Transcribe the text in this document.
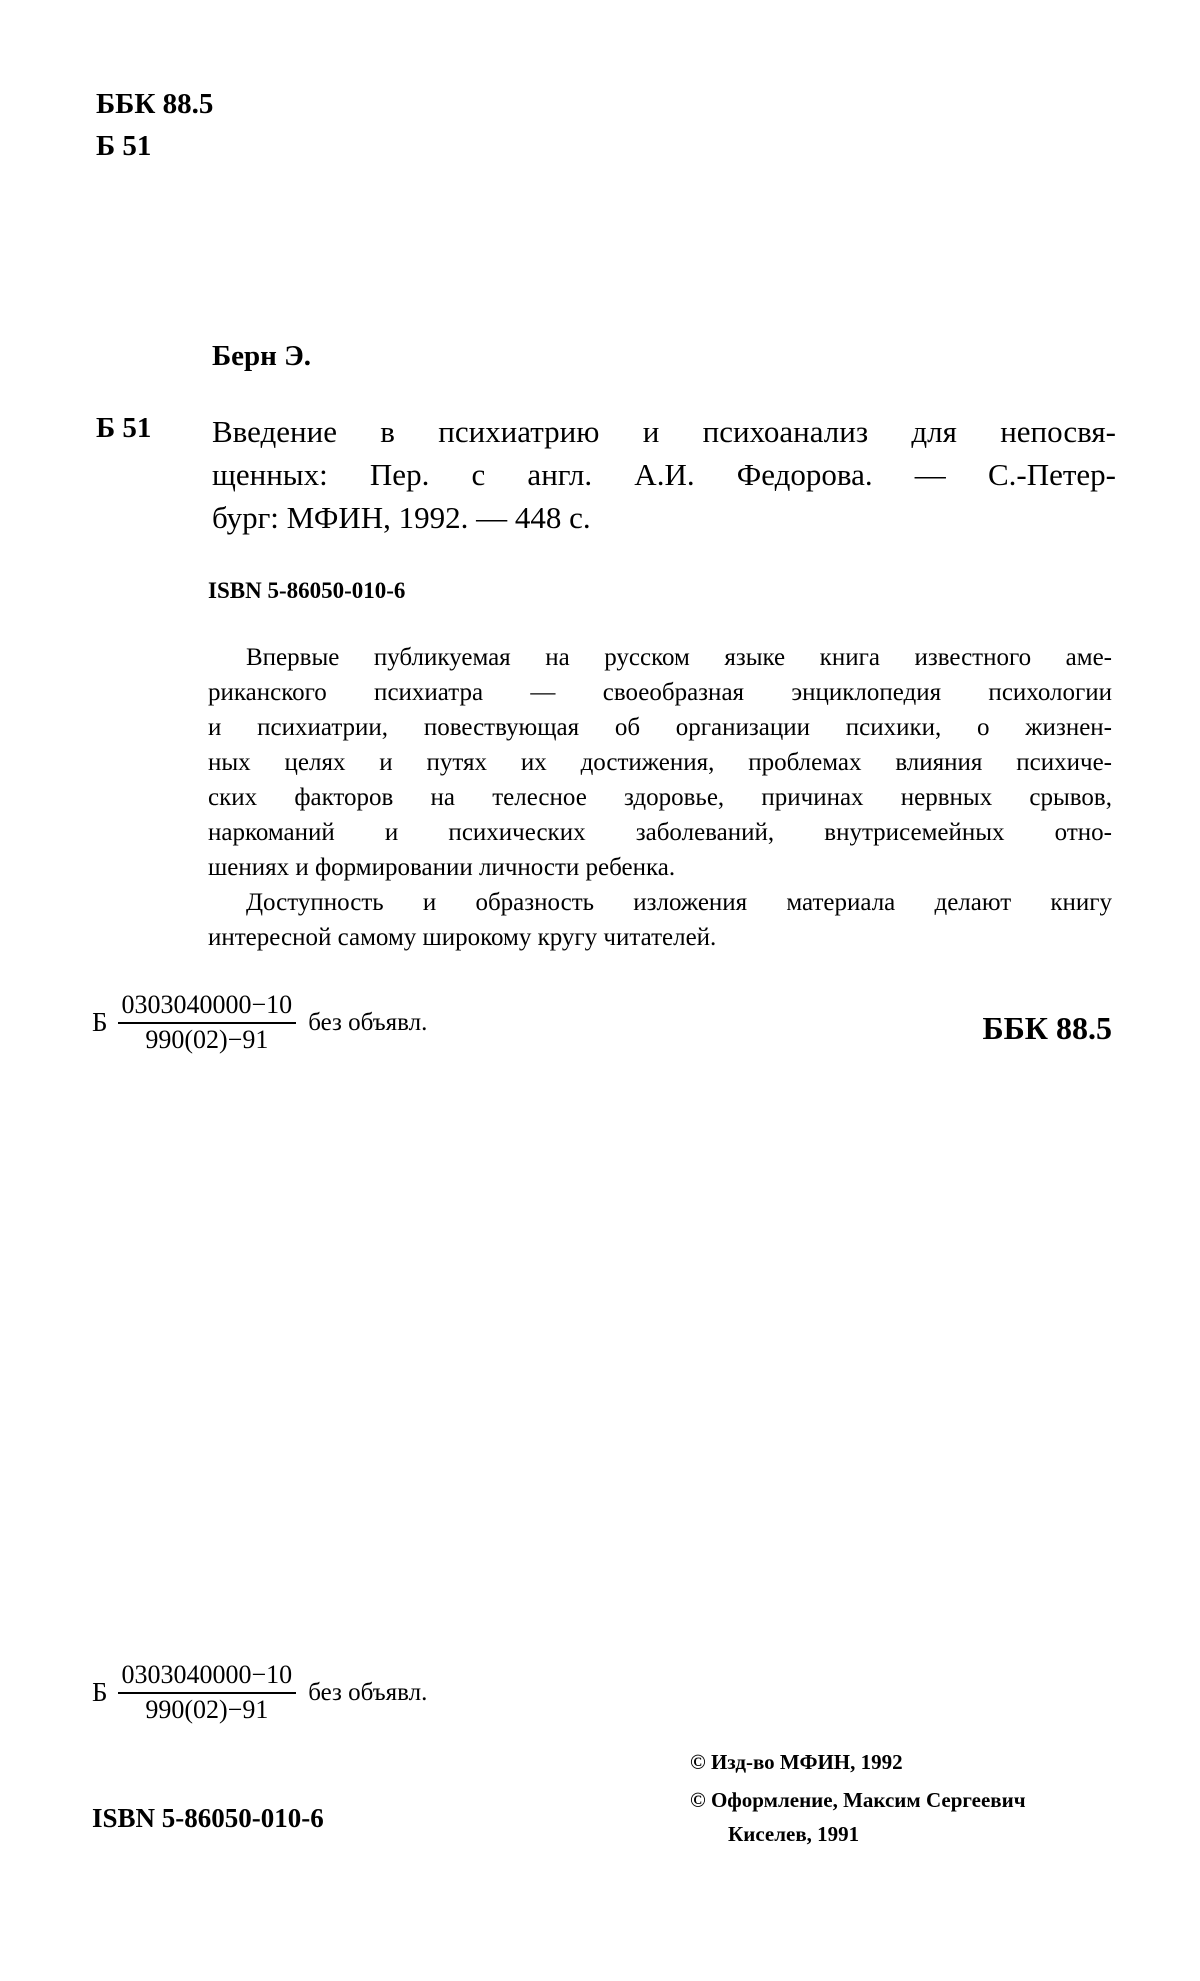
ББК 88.5
Б 51
Берн Э.
Б 51 Введение в психиатрию и психоанализ для непосвя-
щенных: Пер. с англ. А.И. Федорова. — С.-Петер-
бург: МФИН, 1992. — 448 с.
ISBN 5-86050-010-6
Впервые публикуемая на русском языке книга известного аме-
риканского психиатра — своеобразная энциклопедия психологии
и психиатрии, повествующая об организации психики, о жизнен-
ных целях и путях их достижения, проблемах влияния психиче-
ских факторов на телесное здоровье, причинах нервных срывов,
наркоманий и психических заболеваний, внутрисемейных отно-
шениях и формировании личности ребенка.
Доступность и образность изложения материала делают книгу
интересной самому широкому кругу читателей.
Б $\frac{0303040000-10}{990(02)-91}$ без объявл.	ББК 88.5
Б $\frac{0303040000-10}{990(02)-91}$ без объявл.
© Изд-во МФИН, 1992
© Оформление, Максим Сергеевич
Киселев, 1991
ISBN 5-86050-010-6
